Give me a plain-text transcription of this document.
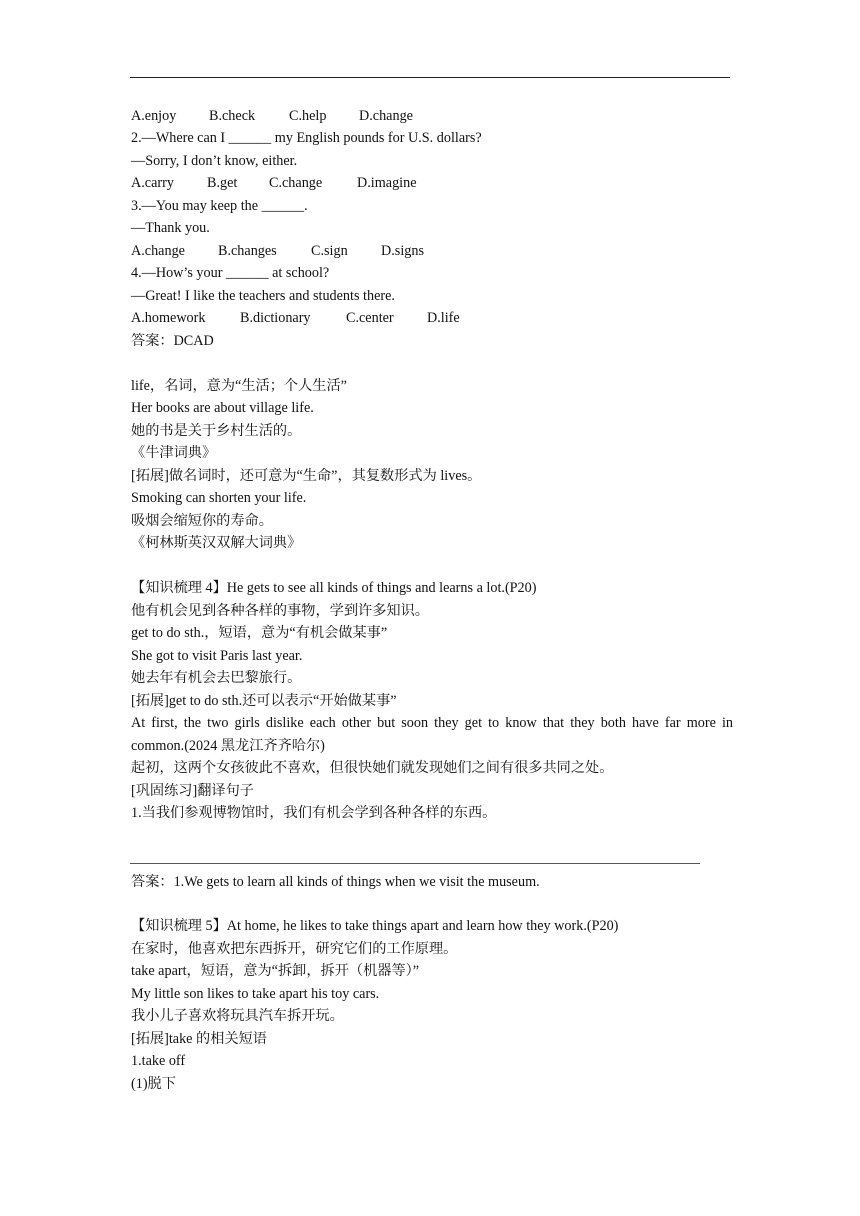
A.enjoy	B.check	C.help	D.change
2.—Where can I ______ my English pounds for U.S. dollars?
—Sorry, I don’t know, either.
A.carry	B.get	C.change	D.imagine
3.—You may keep the ______.
—Thank you.
A.change	B.changes	C.sign	D.signs
4.—How’s your ______ at school?
—Great! I like the teachers and students there.
A.homework	B.dictionary	C.center	D.life
答案：DCAD
life，名词，意为“生活；个人生活”
Her books are about village life.
她的书是关于乡村生活的。
《牛津词典》
[拓展]做名词时，还可意为“生命”，其复数形式为 lives。
Smoking can shorten your life.
吸烟会缩短你的寿命。
《柯林斯英汉双解大词典》
【知识梳理 4】He gets to see all kinds of things and learns a lot.(P20)
他有机会见到各种各样的事物，学到许多知识。
get to do sth.，短语，意为“有机会做某事”
She got to visit Paris last year.
她去年有机会去巴黎旅行。
[拓展]get to do sth.还可以表示“开始做某事”
At first, the two girls dislike each other but soon they get to know that they both have far more in common.(2024 黑龙江齐齐哈尔)
起初，这两个女孩彼此不喜欢，但很快她们就发现她们之间有很多共同之处。
[巩固练习]翻译句子
1.当我们参观博物馆时，我们有机会学到各种各样的东西。
答案：1.We gets to learn all kinds of things when we visit the museum.
【知识梳理 5】At home, he likes to take things apart and learn how they work.(P20)
在家时，他喜欢把东西拆开，研究它们的工作原理。
take apart，短语，意为“拆卸，拆开（机器等）”
My little son likes to take apart his toy cars.
我小儿子喜欢将玩具汽车拆开玩。
[拓展]take 的相关短语
1.take off
(1)脱下
